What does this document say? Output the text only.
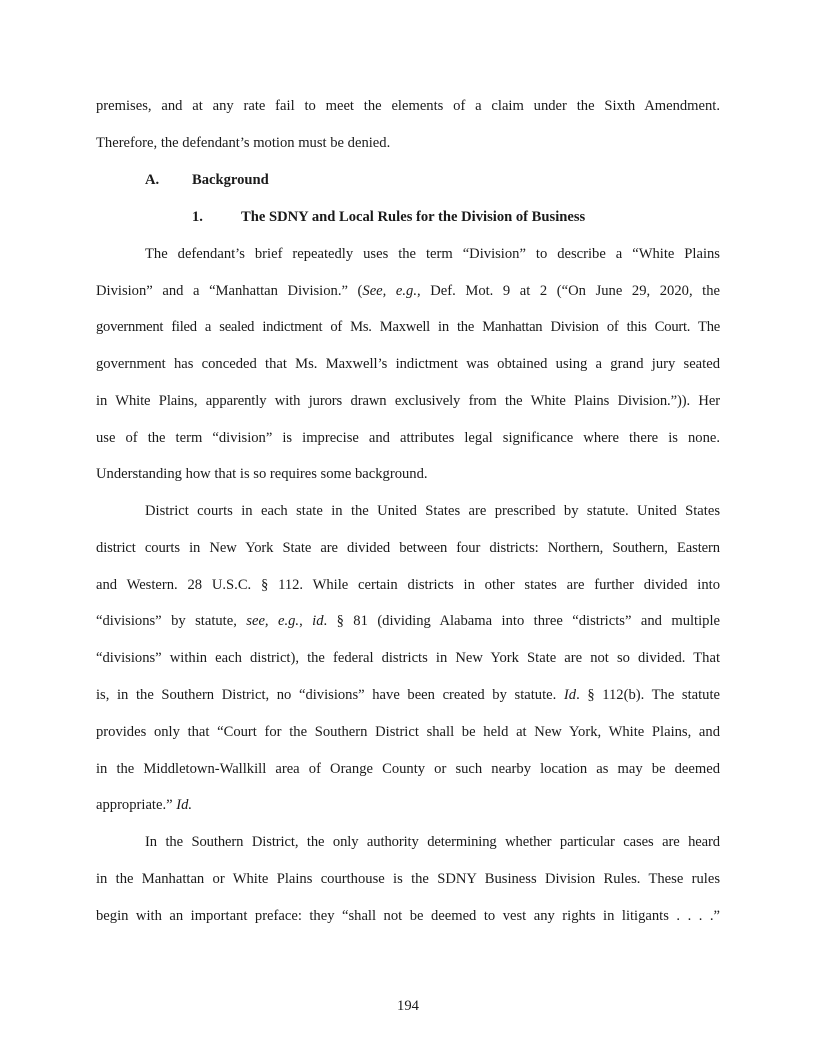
premises, and at any rate fail to meet the elements of a claim under the Sixth Amendment.
Therefore, the defendant’s motion must be denied.
A. Background
1.	The SDNY and Local Rules for the Division of Business
The defendant’s brief repeatedly uses the term “Division” to describe a “White Plains
Division” and a “Manhattan Division.” (See, e.g., Def. Mot. 9 at 2 (“On June 29, 2020, the
government filed a sealed indictment of Ms. Maxwell in the Manhattan Division of this Court. The
government has conceded that Ms. Maxwell’s indictment was obtained using a grand jury seated
in White Plains, apparently with jurors drawn exclusively from the White Plains Division.”)). Her
use of the term “division” is imprecise and attributes legal significance where there is none.
Understanding how that is so requires some background.
District courts in each state in the United States are prescribed by statute. United States
district courts in New York State are divided between four districts: Northern, Southern, Eastern
and Western. 28 U.S.C. § 112. While certain districts in other states are further divided into
“divisions” by statute, see, e.g., id. § 81 (dividing Alabama into three “districts” and multiple
“divisions” within each district), the federal districts in New York State are not so divided. That
is, in the Southern District, no “divisions” have been created by statute. Id. § 112(b). The statute
provides only that “Court for the Southern District shall be held at New York, White Plains, and
in the Middletown-Wallkill area of Orange County or such nearby location as may be deemed
appropriate.” Id.
In the Southern District, the only authority determining whether particular cases are heard
in the Manhattan or White Plains courthouse is the SDNY Business Division Rules. These rules
begin with an important preface: they “shall not be deemed to vest any rights in litigants . . . .”
194
